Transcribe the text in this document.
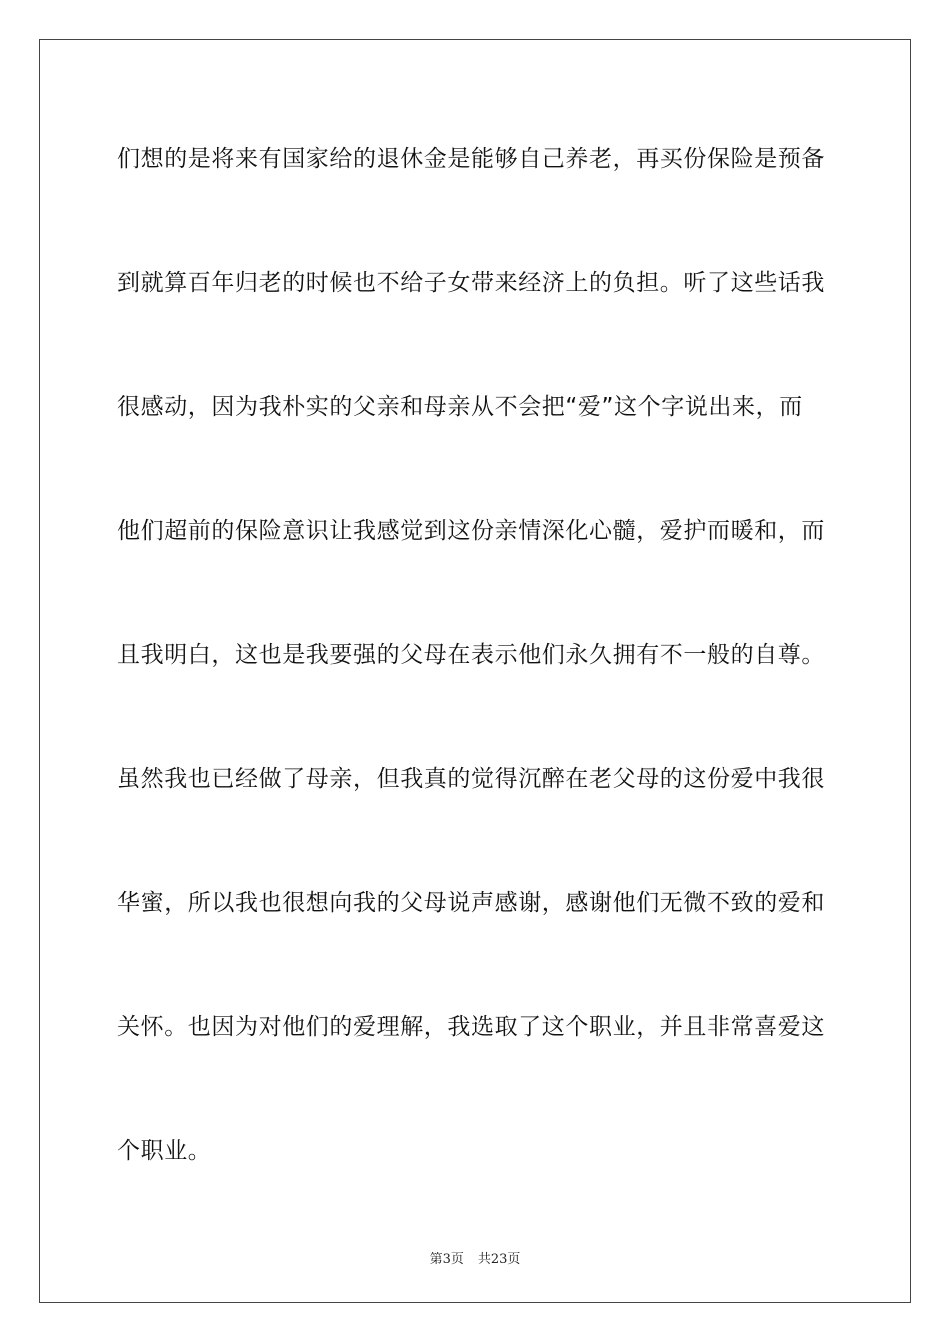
们想的是将来有国家给的退休金是能够自己养老，再买份保险是预备
到就算百年归老的时候也不给子女带来经济上的负担。听了这些话我
很感动，因为我朴实的父亲和母亲从不会把“爱”这个字说出来，而
他们超前的保险意识让我感觉到这份亲情深化心髓，爱护而暖和，而
且我明白，这也是我要强的父母在表示他们永久拥有不一般的自尊。
虽然我也已经做了母亲，但我真的觉得沉醉在老父母的这份爱中我很
华蜜，所以我也很想向我的父母说声感谢，感谢他们无微不致的爱和
关怀。也因为对他们的爱理解，我选取了这个职业，并且非常喜爱这
个职业。
第3页 共23页
